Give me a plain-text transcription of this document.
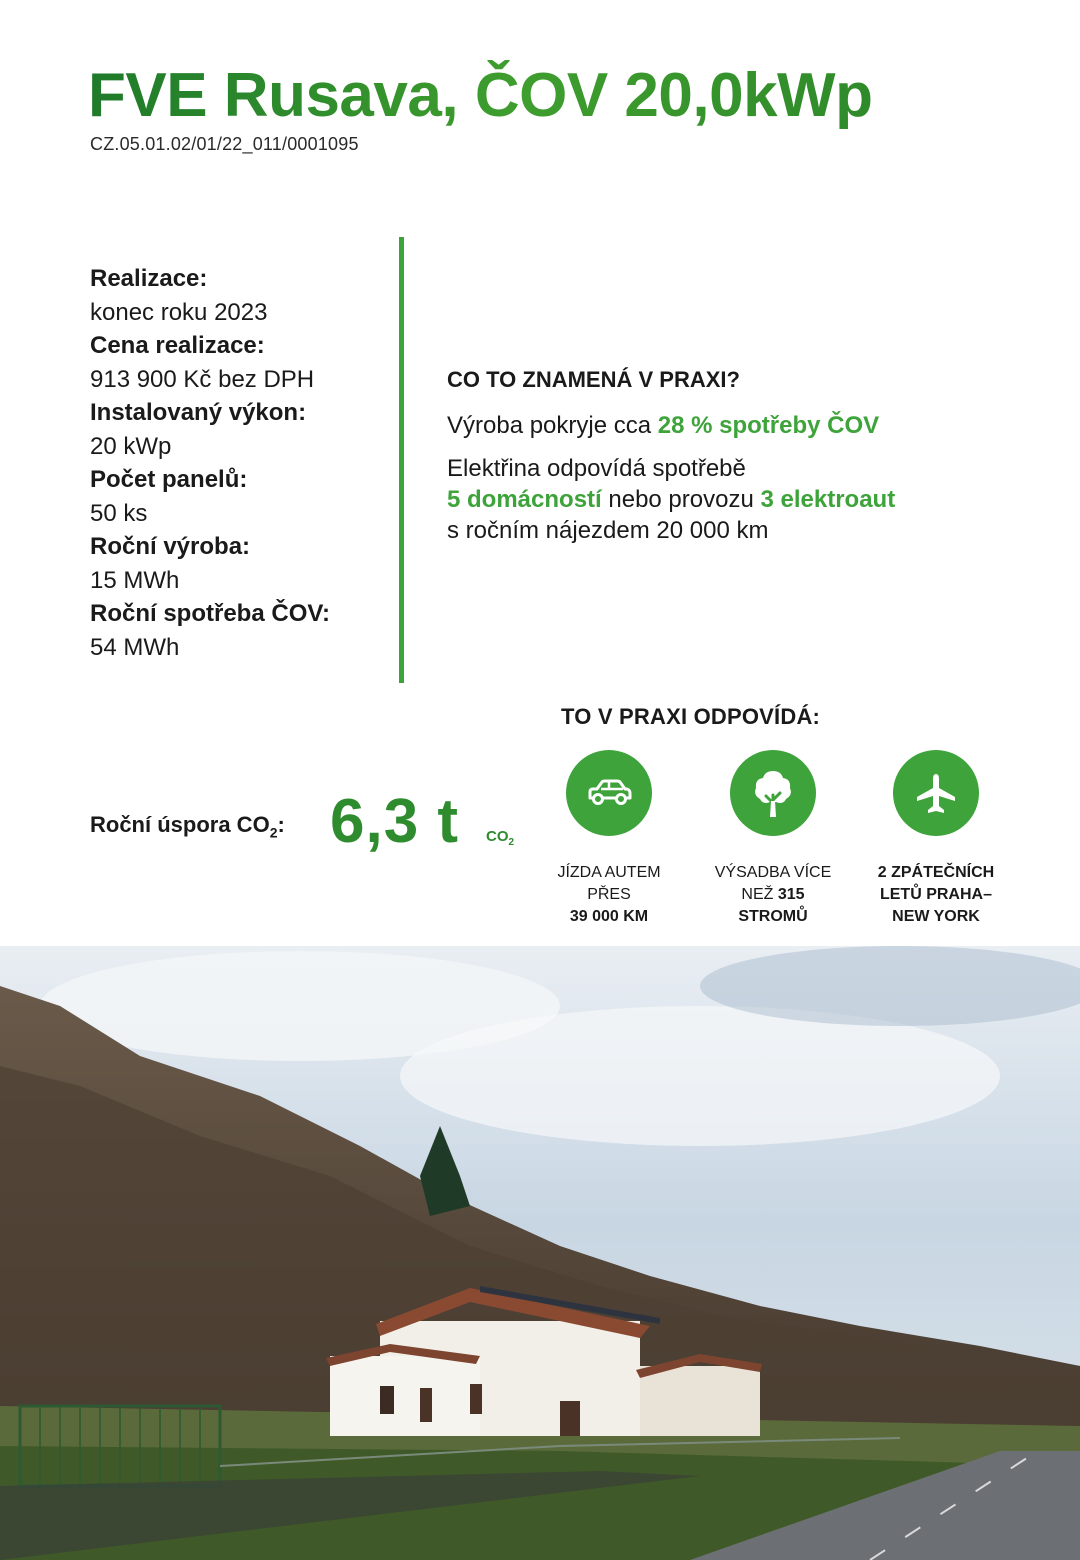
FVE Rusava, ČOV 20,0kWp
CZ.05.01.02/01/22_011/0001095
Realizace:
konec roku 2023
Cena realizace:
913 900 Kč bez DPH
Instalovaný výkon:
20 kWp
Počet panelů:
50 ks
Roční výroba:
15 MWh
Roční spotřeba ČOV:
54 MWh
CO TO ZNAMENÁ V PRAXI?

Výroba pokryje cca 28 % spotřeby ČOV

Elektřina odpovídá spotřebě
5 domácností nebo provozu 3 elektroaut
s ročním nájezdem 20 000 km

Roční úspora $CO_2$: 6,3 t $CO_2$
TO V PRAXI ODPOVÍDÁ:
JÍZDA AUTEM
PŘES
39 000 KM
VÝSADBA VÍCE
NEŽ 315
STROMŮ
2 ZPÁTEČNÍCH
LETŮ PRAHA–
NEW YORK
